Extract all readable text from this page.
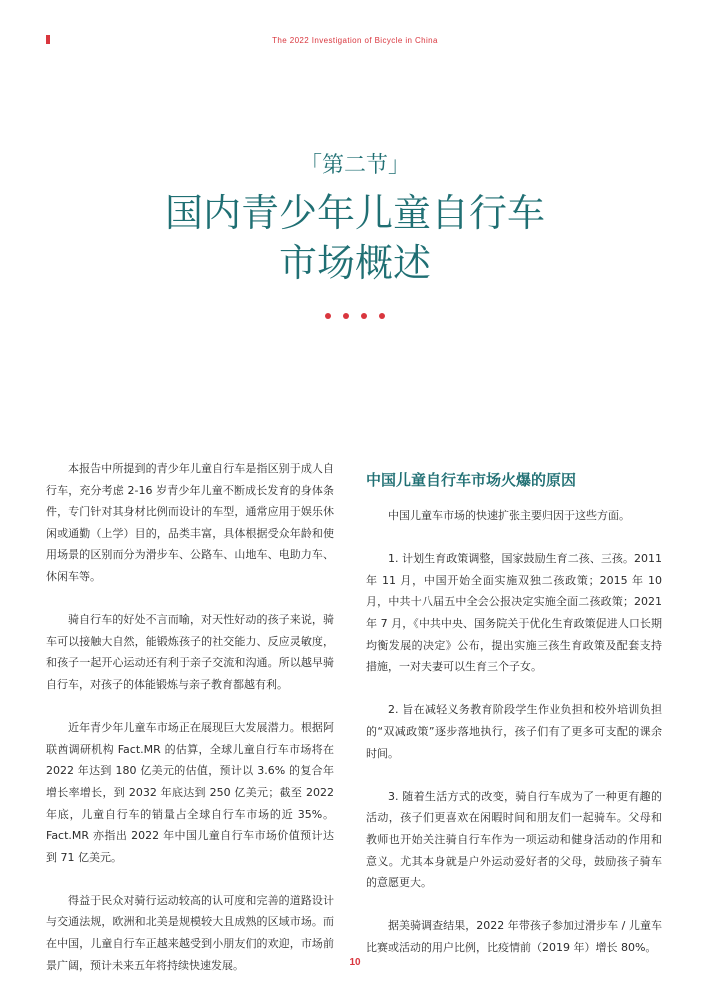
The 2022 Investigation of Bicycle in China
「第二节」
国内青少年儿童自行车
市场概述

本报告中所提到的青少年儿童自行车是指区别于成人自行车，充分考虑 2-16 岁青少年儿童不断成长发育的身体条件，专门针对其身材比例而设计的车型，通常应用于娱乐休闲或通勤（上学）目的，品类丰富，具体根据受众年龄和使用场景的区别而分为滑步车、公路车、山地车、电助力车、休闲车等。

骑自行车的好处不言而喻，对天性好动的孩子来说，骑车可以接触大自然，能锻炼孩子的社交能力、反应灵敏度，和孩子一起开心运动还有利于亲子交流和沟通。所以越早骑自行车，对孩子的体能锻炼与亲子教育都越有利。

近年青少年儿童车市场正在展现巨大发展潜力。根据阿联酋调研机构 Fact.MR 的估算，全球儿童自行车市场将在 2022 年达到 180 亿美元的估值，预计以 3.6% 的复合年增长率增长，到 2032 年底达到 250 亿美元；截至 2022 年底，儿童自行车的销量占全球自行车市场的近 35%。Fact.MR 亦指出 2022 年中国儿童自行车市场价值预计达到 71 亿美元。

得益于民众对骑行运动较高的认可度和完善的道路设计与交通法规，欧洲和北美是规模较大且成熟的区域市场。而在中国，儿童自行车正越来越受到小朋友们的欢迎，市场前景广阔，预计未来五年将持续快速发展。

中国儿童自行车市场火爆的原因

中国儿童车市场的快速扩张主要归因于这些方面。

1. 计划生育政策调整，国家鼓励生育二孩、三孩。2011 年 11 月，中国开始全面实施双独二孩政策；2015 年 10 月，中共十八届五中全会公报决定实施全面二孩政策；2021 年 7 月，《中共中央、国务院关于优化生育政策促进人口长期均衡发展的决定》公布，提出实施三孩生育政策及配套支持措施，一对夫妻可以生育三个子女。

2. 旨在减轻义务教育阶段学生作业负担和校外培训负担的“双减政策”逐步落地执行，孩子们有了更多可支配的课余时间。

3. 随着生活方式的改变，骑自行车成为了一种更有趣的活动，孩子们更喜欢在闲暇时间和朋友们一起骑车。父母和教师也开始关注骑自行车作为一项运动和健身活动的作用和意义。尤其本身就是户外运动爱好者的父母，鼓励孩子骑车的意愿更大。

据美骑调查结果，2022 年带孩子参加过滑步车 / 儿童车比赛或活动的用户比例，比疫情前（2019 年）增长 80%。

10
